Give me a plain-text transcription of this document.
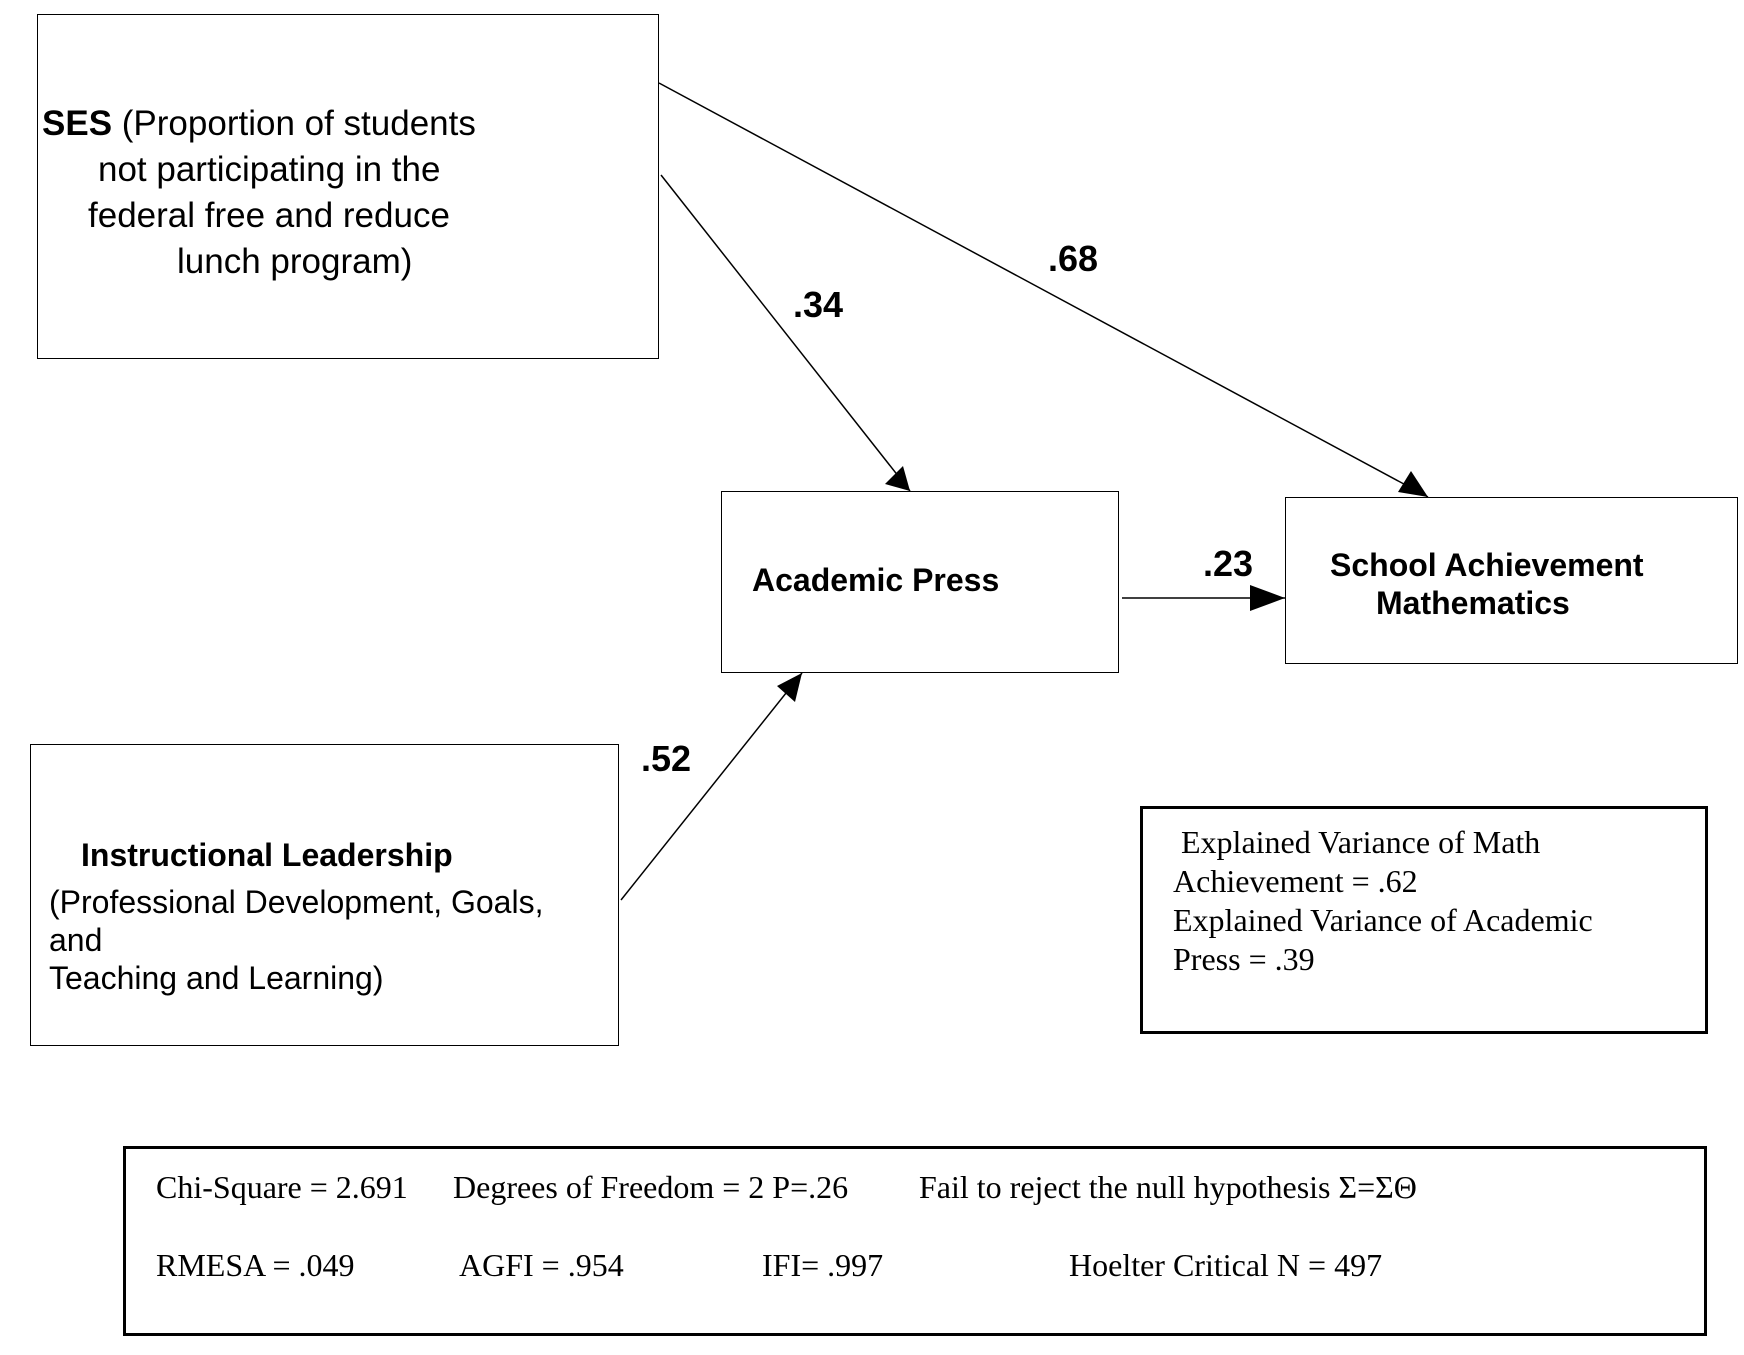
SES (Proportion of students
not participating in the
federal free and reduce
lunch program)
Academic Press	School Achievement
Mathematics
Instructional Leadership
(Professional Development, Goals,
and
Teaching and Learning)
.68
.34
.23
.52
Explained Variance of Math
Achievement = .62
Explained Variance of Academic
Press = .39
Chi-Square = 2.691 Degrees of Freedom = 2 P=.26 Fail to reject the null hypothesis Σ=ΣΘ
RMESA = .049	AGFI = .954	IFI= .997	Hoelter Critical N = 497
